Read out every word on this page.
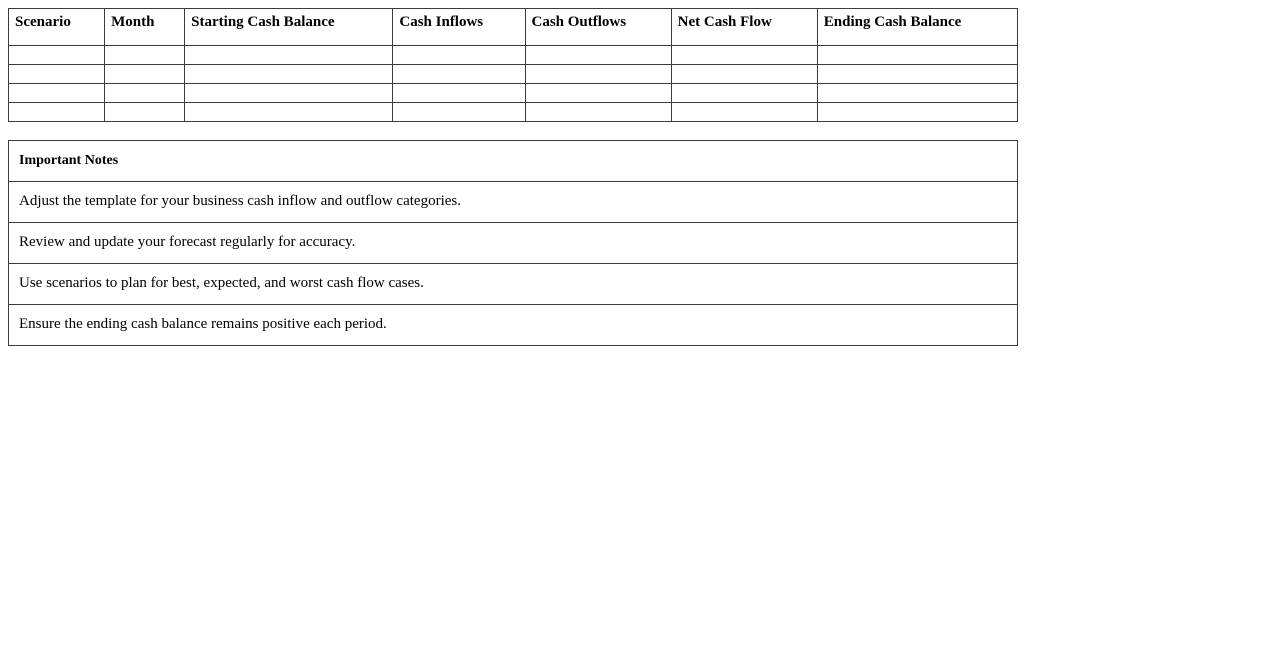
Scenario	Month	Starting Cash Balance	Cash Inflows	Cash Outflows	Net Cash Flow	Ending Cash Balance

Important Notes
Adjust the template for your business cash inflow and outflow categories.
Review and update your forecast regularly for accuracy.
Use scenarios to plan for best, expected, and worst cash flow cases.
Ensure the ending cash balance remains positive each period.
